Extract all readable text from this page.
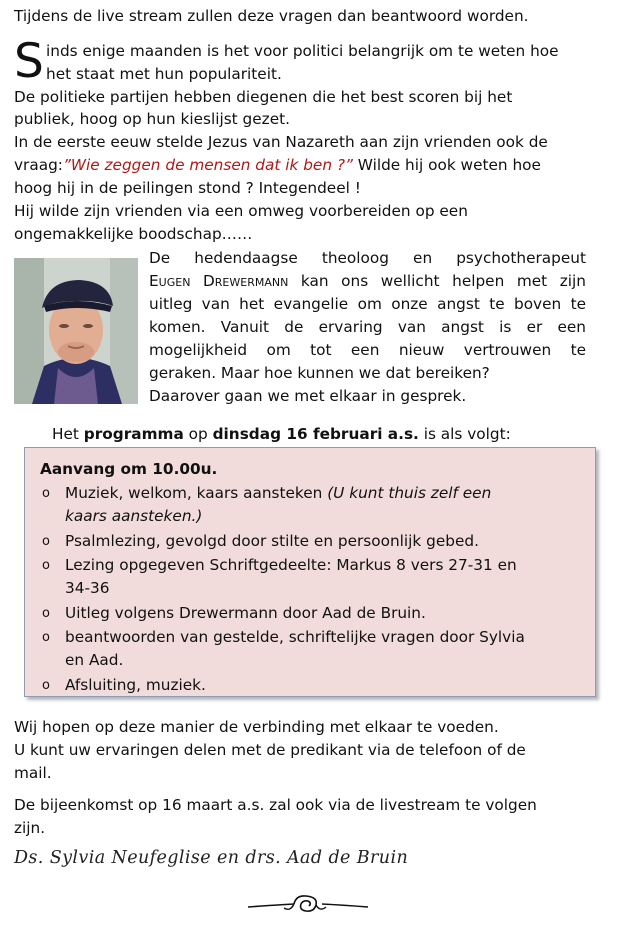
Tijdens de live stream zullen deze vragen dan beantwoord worden.
S inds enige maanden is het voor politici belangrijk om te weten hoe
het staat met hun populariteit.
De politieke partijen hebben diegenen die het best scoren bij het
publiek, hoog op hun kieslijst gezet.
In de eerste eeuw stelde Jezus van Nazareth aan zijn vrienden ook de
vraag:”Wie zeggen de mensen dat ik ben ?” Wilde hij ook weten hoe
hoog hij in de peilingen stond ? Integendeel !
Hij wilde zijn vrienden via een omweg voorbereiden op een
ongemakkelijke boodschap……
De hedendaagse theoloog en psychotherapeut
Eugen Drewermann kan ons wellicht helpen met zijn
uitleg van het evangelie om onze angst te boven te
komen. Vanuit de ervaring van angst is er een
mogelijkheid om tot een nieuw vertrouwen te
geraken. Maar hoe kunnen we dat bereiken?
Daarover gaan we met elkaar in gesprek.
Het programma op dinsdag 16 februari a.s. is als volgt:
Aanvang om 10.00u.
o Muziek, welkom, kaars aansteken (U kunt thuis zelf een
kaars aansteken.)
o Psalmlezing, gevolgd door stilte en persoonlijk gebed.
o Lezing opgegeven Schriftgedeelte: Markus 8 vers 27-31 en
34-36
o Uitleg volgens Drewermann door Aad de Bruin.
o beantwoorden van gestelde, schriftelijke vragen door Sylvia
en Aad.
o Afsluiting, muziek.
Wij hopen op deze manier de verbinding met elkaar te voeden.
U kunt uw ervaringen delen met de predikant via de telefoon of de
mail.
De bijeenkomst op 16 maart a.s. zal ook via de livestream te volgen
zijn.
Ds. Sylvia Neufeglise en drs. Aad de Bruin
